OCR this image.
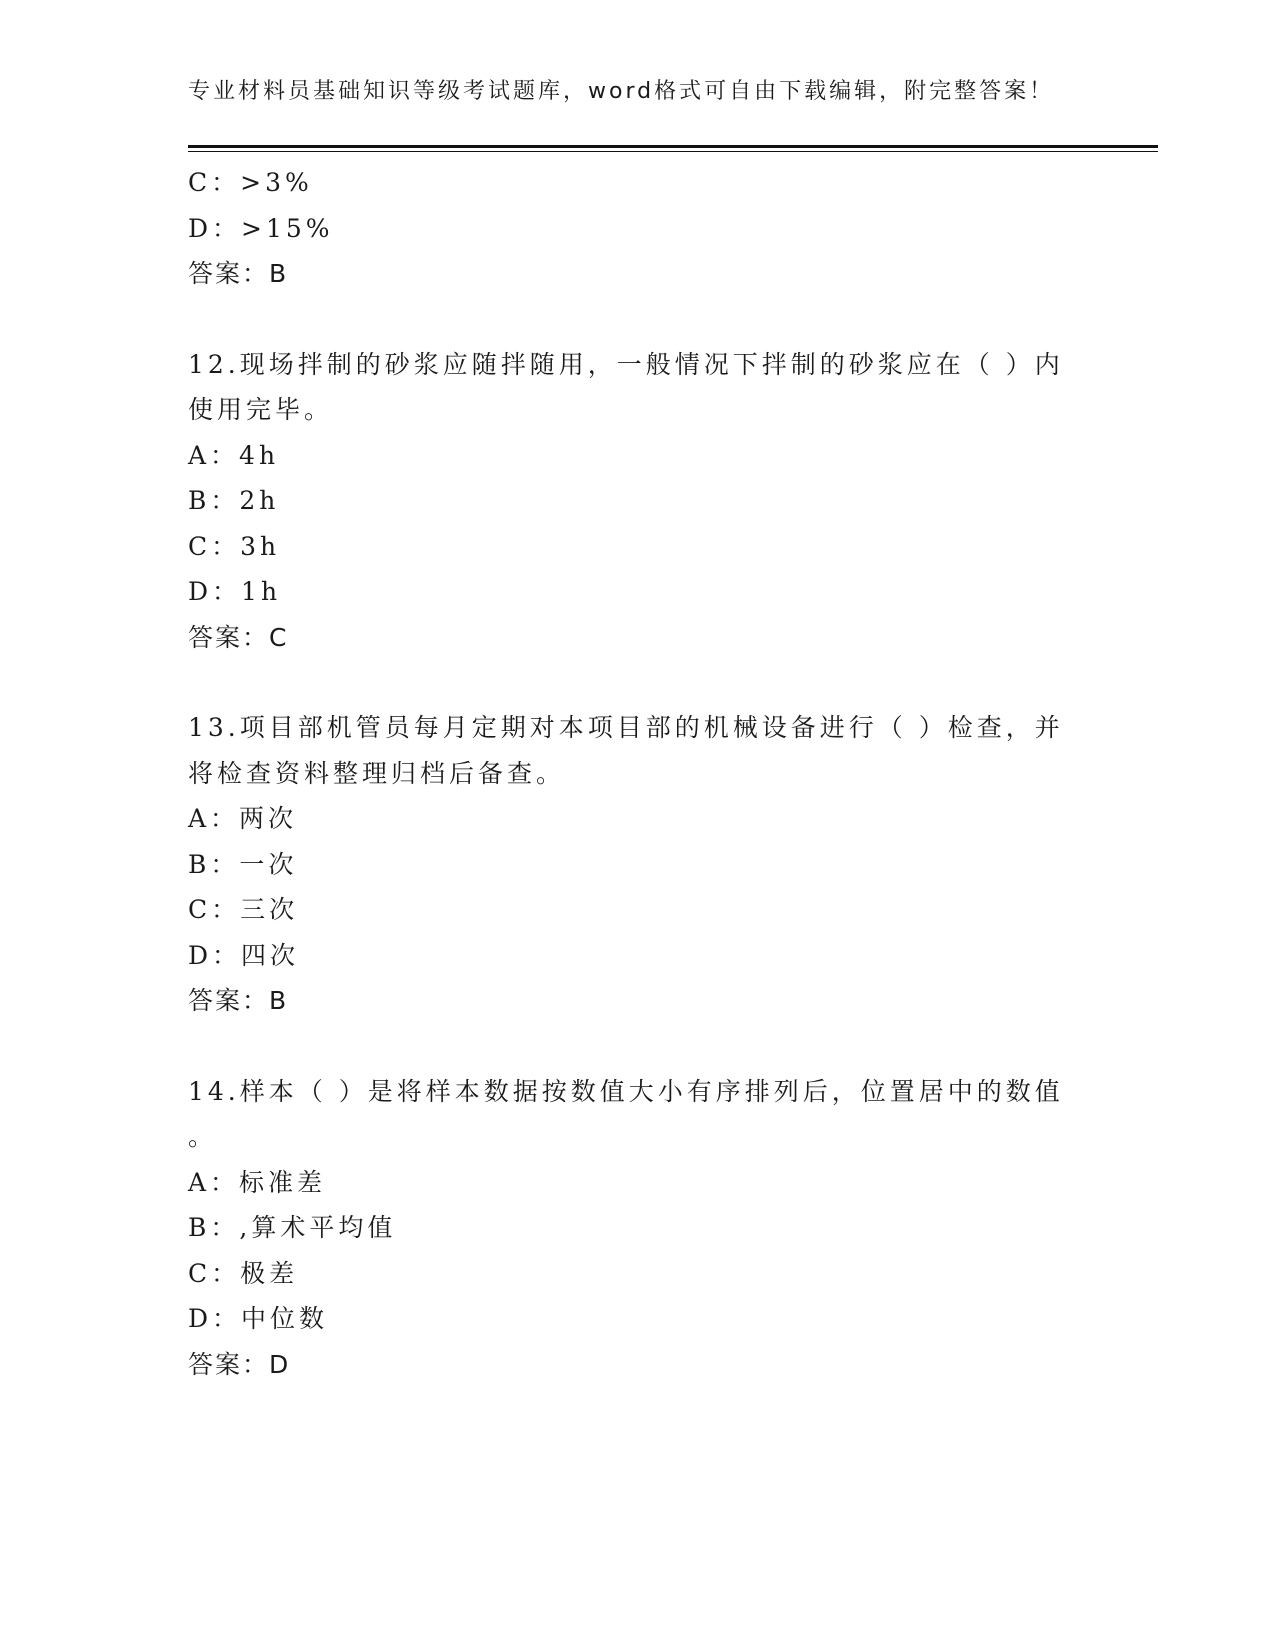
专业材料员基础知识等级考试题库，word格式可自由下载编辑，附完整答案！
C：>3%
D：>15%
答案：B
12.现场拌制的砂浆应随拌随用，一般情况下拌制的砂浆应在（ ）内
使用完毕。
A：4h
B：2h
C：3h
D：1h
答案：C
13.项目部机管员每月定期对本项目部的机械设备进行（ ）检查，并
将检查资料整理归档后备查。
A：两次
B：一次
C：三次
D：四次
答案：B
14.样本（ ）是将样本数据按数值大小有序排列后，位置居中的数值
。
A：标准差
B：,算术平均值
C：极差
D：中位数
答案：D
